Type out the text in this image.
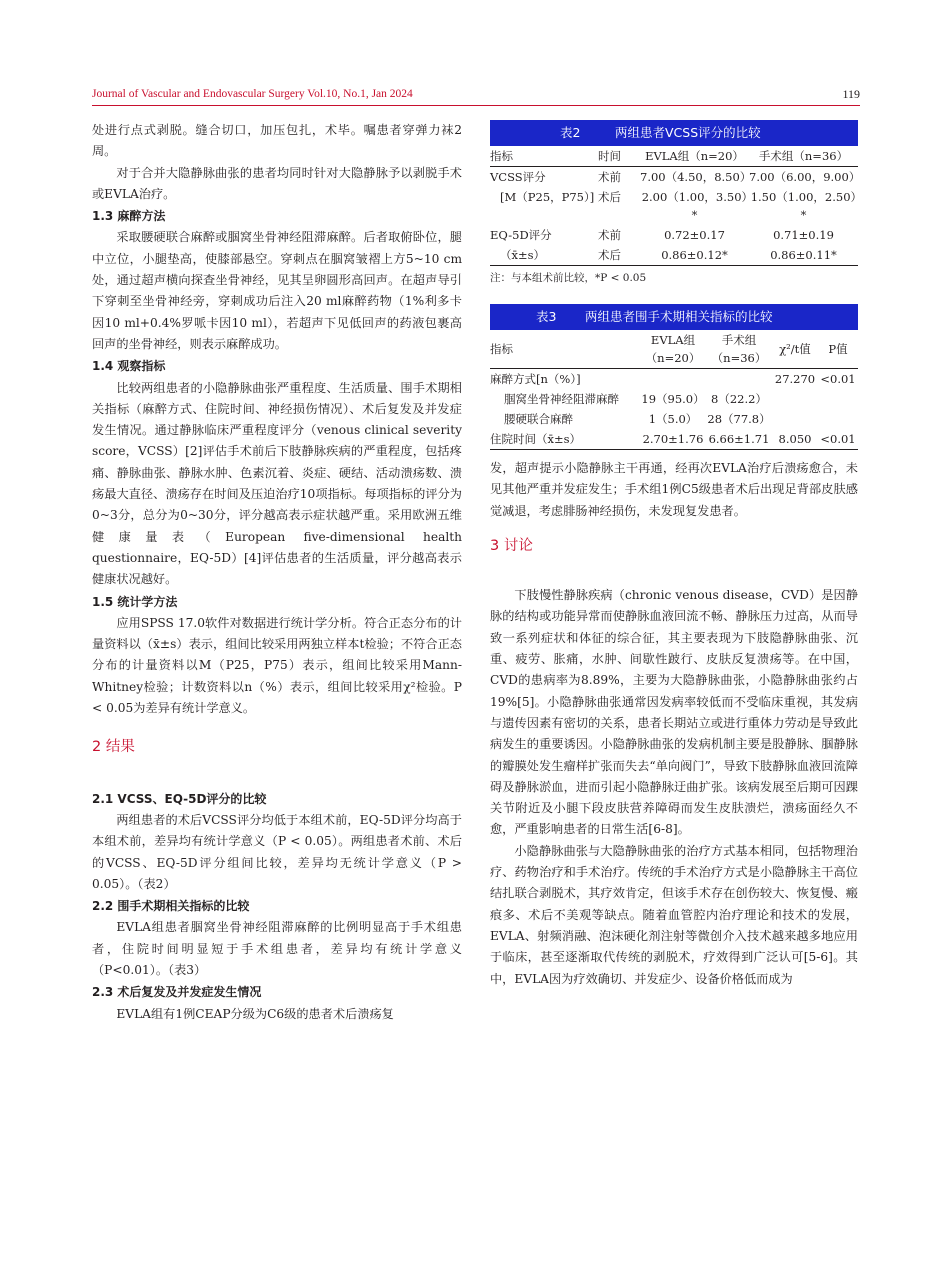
Journal of Vascular and Endovascular Surgery Vol.10, No.1, Jan 2024	119

处进行点式剥脱。缝合切口，加压包扎，术毕。嘱患者穿弹力袜2周。

对于合并大隐静脉曲张的患者均同时针对大隐静脉予以剥脱手术或EVLA治疗。

1.3 麻醉方法

采取腰硬联合麻醉或腘窝坐骨神经阻滞麻醉。后者取俯卧位，腿中立位，小腿垫高，使膝部悬空。穿刺点在腘窝皱褶上方5~10 cm处，通过超声横向探查坐骨神经，见其呈卵圆形高回声。在超声导引下穿刺至坐骨神经旁，穿刺成功后注入20 ml麻醉药物（1%利多卡因10 ml+0.4%罗哌卡因10 ml），若超声下见低回声的药液包裹高回声的坐骨神经，则表示麻醉成功。

1.4 观察指标

比较两组患者的小隐静脉曲张严重程度、生活质量、围手术期相关指标（麻醉方式、住院时间、神经损伤情况）、术后复发及并发症发生情况。通过静脉临床严重程度评分（venous clinical severity score，VCSS）[2]评估手术前后下肢静脉疾病的严重程度，包括疼痛、静脉曲张、静脉水肿、色素沉着、炎症、硬结、活动溃疡数、溃疡最大直径、溃疡存在时间及压迫治疗10项指标。每项指标的评分为0~3分，总分为0~30分，评分越高表示症状越严重。采用欧洲五维健康量表（European five-dimensional health questionnaire，EQ-5D）[4]评估患者的生活质量，评分越高表示健康状况越好。

1.5 统计学方法

应用SPSS 17.0软件对数据进行统计学分析。符合正态分布的计量资料以（x̄±s）表示，组间比较采用两独立样本t检验；不符合正态分布的计量资料以M（P25，P75）表示，组间比较采用Mann-Whitney检验；计数资料以n（%）表示，组间比较采用χ²检验。P < 0.05为差异有统计学意义。

2 结果
2.1 VCSS、EQ-5D评分的比较

两组患者的术后VCSS评分均低于本组术前，EQ-5D评分均高于本组术前，差异均有统计学意义（P < 0.05）。两组患者术前、术后的VCSS、EQ-5D评分组间比较，差异均无统计学意义（P > 0.05）。（表2）

2.2 围手术期相关指标的比较

EVLA组患者腘窝坐骨神经阻滞麻醉的比例明显高于手术组患者，住院时间明显短于手术组患者，差异均有统计学意义（P<0.01）。（表3）

2.3 术后复发及并发症发生情况

EVLA组有1例CEAP分级为C6级的患者术后溃疡复

表2	两组患者VCSS评分的比较
指标	时间	EVLA组（n=20）	手术组（n=36）
VCSS评分	术前	7.00（4.50，8.50）	7.00（6.00，9.00）
[M（P25，P75）]	术后	2.00（1.00，3.50）*	1.50（1.00，2.50）*
EQ-5D评分	术前	0.72±0.17	0.71±0.19
（x̄±s）	术后	0.86±0.12*	0.86±0.11*
注：与本组术前比较，*P < 0.05
表3 两组患者围手术期相关指标的比较
指标	EVLA组（n=20）	手术组（n=36）	χ²/t值	P值
麻醉方式[n（%）]			27.270	<0.01
腘窝坐骨神经阻滞麻醉	19（95.0）	8（22.2）		
腰硬联合麻醉	1（5.0）	28（77.8）		
住院时间（x̄±s）	2.70±1.76	6.66±1.71	8.050	<0.01

发，超声提示小隐静脉主干再通，经再次EVLA治疗后溃疡愈合，未见其他严重并发症发生；手术组1例C5级患者术后出现足背部皮肤感觉减退，考虑腓肠神经损伤，未发现复发患者。

3 讨论

下肢慢性静脉疾病（chronic venous disease，CVD）是因静脉的结构或功能异常而使静脉血液回流不畅、静脉压力过高，从而导致一系列症状和体征的综合征，其主要表现为下肢隐静脉曲张、沉重、疲劳、胀痛，水肿、间歇性跛行、皮肤反复溃疡等。在中国，CVD的患病率为8.89%，主要为大隐静脉曲张，小隐静脉曲张约占19%[5]。小隐静脉曲张通常因发病率较低而不受临床重视，其发病与遗传因素有密切的关系，患者长期站立或进行重体力劳动是导致此病发生的重要诱因。小隐静脉曲张的发病机制主要是股静脉、腘静脉的瓣膜处发生瘤样扩张而失去“单向阀门”，导致下肢静脉血液回流障碍及静脉淤血，进而引起小隐静脉迂曲扩张。该病发展至后期可因踝关节附近及小腿下段皮肤营养障碍而发生皮肤溃烂，溃疡面经久不愈，严重影响患者的日常生活[6-8]。

小隐静脉曲张与大隐静脉曲张的治疗方式基本相同，包括物理治疗、药物治疗和手术治疗。传统的手术治疗方式是小隐静脉主干高位结扎联合剥脱术，其疗效肯定，但该手术存在创伤较大、恢复慢、瘢痕多、术后不美观等缺点。随着血管腔内治疗理论和技术的发展，EVLA、射频消融、泡沫硬化剂注射等微创介入技术越来越多地应用于临床，甚至逐渐取代传统的剥脱术，疗效得到广泛认可[5-6]。其中，EVLA因为疗效确切、并发症少、设备价格低而成为
